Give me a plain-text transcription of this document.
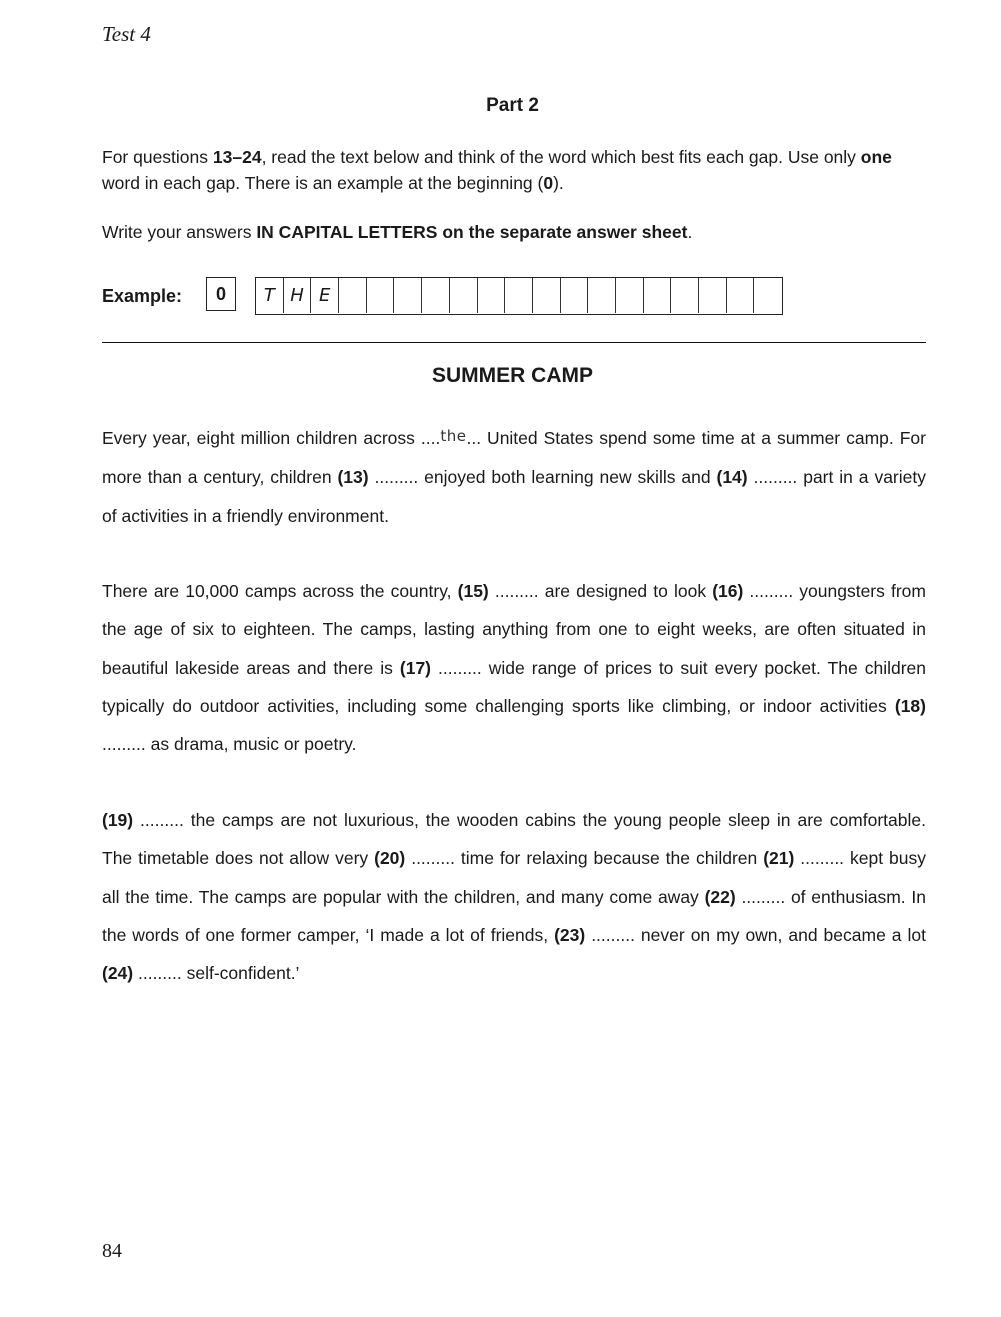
Test 4
Part 2
For questions 13–24, read the text below and think of the word which best fits each gap. Use only one word in each gap. There is an example at the beginning (0).
Write your answers IN CAPITAL LETTERS on the separate answer sheet.
Example:	0	T H E
SUMMER CAMP
Every year, eight million children across ....the... United States spend some time at a summer camp. For more than a century, children (13) ......... enjoyed both learning new skills and (14) ......... part in a variety of activities in a friendly environment.
There are 10,000 camps across the country, (15) ......... are designed to look (16) ......... youngsters from the age of six to eighteen. The camps, lasting anything from one to eight weeks, are often situated in beautiful lakeside areas and there is (17) ......... wide range of prices to suit every pocket. The children typically do outdoor activities, including some challenging sports like climbing, or indoor activities (18) ......... as drama, music or poetry.
(19) ......... the camps are not luxurious, the wooden cabins the young people sleep in are comfortable. The timetable does not allow very (20) ......... time for relaxing because the children (21) ......... kept busy all the time. The camps are popular with the children, and many come away (22) ......... of enthusiasm. In the words of one former camper, ‘I made a lot of friends, (23) ......... never on my own, and became a lot (24) ......... self-confident.’
84
